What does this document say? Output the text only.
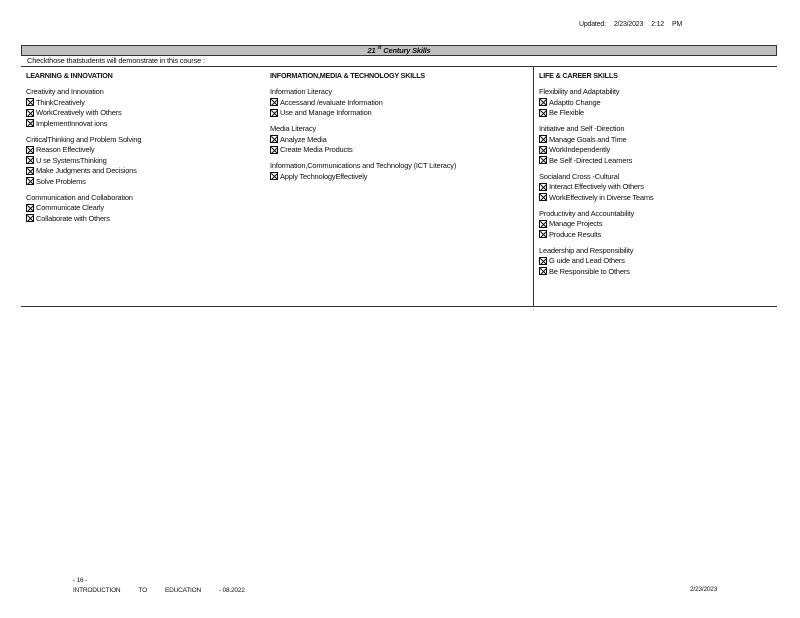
Updated: 2/23/2023 2:12 PM
21 $^{st}$ Century Skills
Checkthose thatstudents will demonstrate in this course :
LEARNING & INNOVATION
Creativity and Innovation
ThinkCreatively
WorkCreatively with Others
ImplementInnovat ions
CriticalThinking and Problem Solving
Reason Effectively
U se SystemsThinking
Make Judgments and Decisions
Solve Problems
Communication and Collaboration
Communicate Clearly
Collaborate with Others
INFORMATION,MEDIA & TECHNOLOGY SKILLS
Information Literacy
Accessand /evaluate Information
Use and Manage Information
Media Literacy
Analyze Media
Create Media Products
Information,Communications and Technology (ICT Literacy)
Apply TechnologyEffectively
LIFE & CAREER SKILLS
Flexibility and Adaptability
Adaptto Change
Be Flexible
Initiative and Self -Direction
Manage Goals and Time
WorkIndependently
Be Self -Directed Learners
Socialand Cross -Cultural
Interact Effectively with Others
WorkEffectively in Diverse Teams
Productivity and Accountability
Manage Projects
Produce Results
Leadership and Responsibility
G uide and Lead Others
Be Responsible to Others
- 16 -
INTRODUCTION	TO	EDUCATION	- 08.2022	2/23/2023
